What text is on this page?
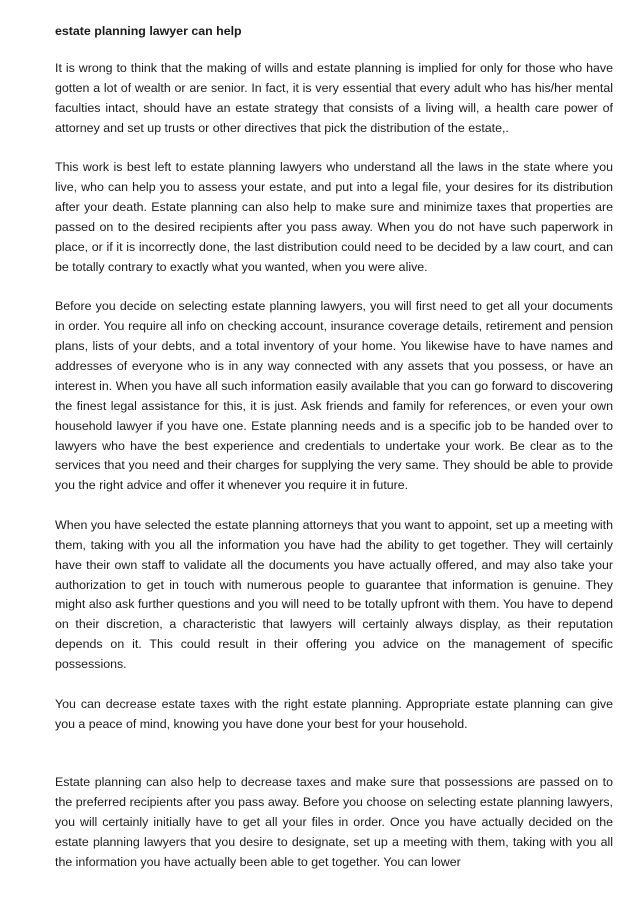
estate planning lawyer can help

It is wrong to think that the making of wills and estate planning is implied for only for those who have gotten a lot of wealth or are senior. In fact, it is very essential that every adult who has his/her mental faculties intact, should have an estate strategy that consists of a living will, a health care power of attorney and set up trusts or other directives that pick the distribution of the estate,.

This work is best left to estate planning lawyers who understand all the laws in the state where you live, who can help you to assess your estate, and put into a legal file, your desires for its distribution after your death. Estate planning can also help to make sure and minimize taxes that properties are passed on to the desired recipients after you pass away. When you do not have such paperwork in place, or if it is incorrectly done, the last distribution could need to be decided by a law court, and can be totally contrary to exactly what you wanted, when you were alive.

Before you decide on selecting estate planning lawyers, you will first need to get all your documents in order. You require all info on checking account, insurance coverage details, retirement and pension plans, lists of your debts, and a total inventory of your home. You likewise have to have names and addresses of everyone who is in any way connected with any assets that you possess, or have an interest in. When you have all such information easily available that you can go forward to discovering the finest legal assistance for this, it is just. Ask friends and family for references, or even your own household lawyer if you have one. Estate planning needs and is a specific job to be handed over to lawyers who have the best experience and credentials to undertake your work. Be clear as to the services that you need and their charges for supplying the very same. They should be able to provide you the right advice and offer it whenever you require it in future.

When you have selected the estate planning attorneys that you want to appoint, set up a meeting with them, taking with you all the information you have had the ability to get together. They will certainly have their own staff to validate all the documents you have actually offered, and may also take your authorization to get in touch with numerous people to guarantee that information is genuine. They might also ask further questions and you will need to be totally upfront with them. You have to depend on their discretion, a characteristic that lawyers will certainly always display, as their reputation depends on it. This could result in their offering you advice on the management of specific possessions.

You can decrease estate taxes with the right estate planning. Appropriate estate planning can give you a peace of mind, knowing you have done your best for your household.

Estate planning can also help to decrease taxes and make sure that possessions are passed on to the preferred recipients after you pass away. Before you choose on selecting estate planning lawyers, you will certainly initially have to get all your files in order. Once you have actually decided on the estate planning lawyers that you desire to designate, set up a meeting with them, taking with you all the information you have actually been able to get together. You can lower
